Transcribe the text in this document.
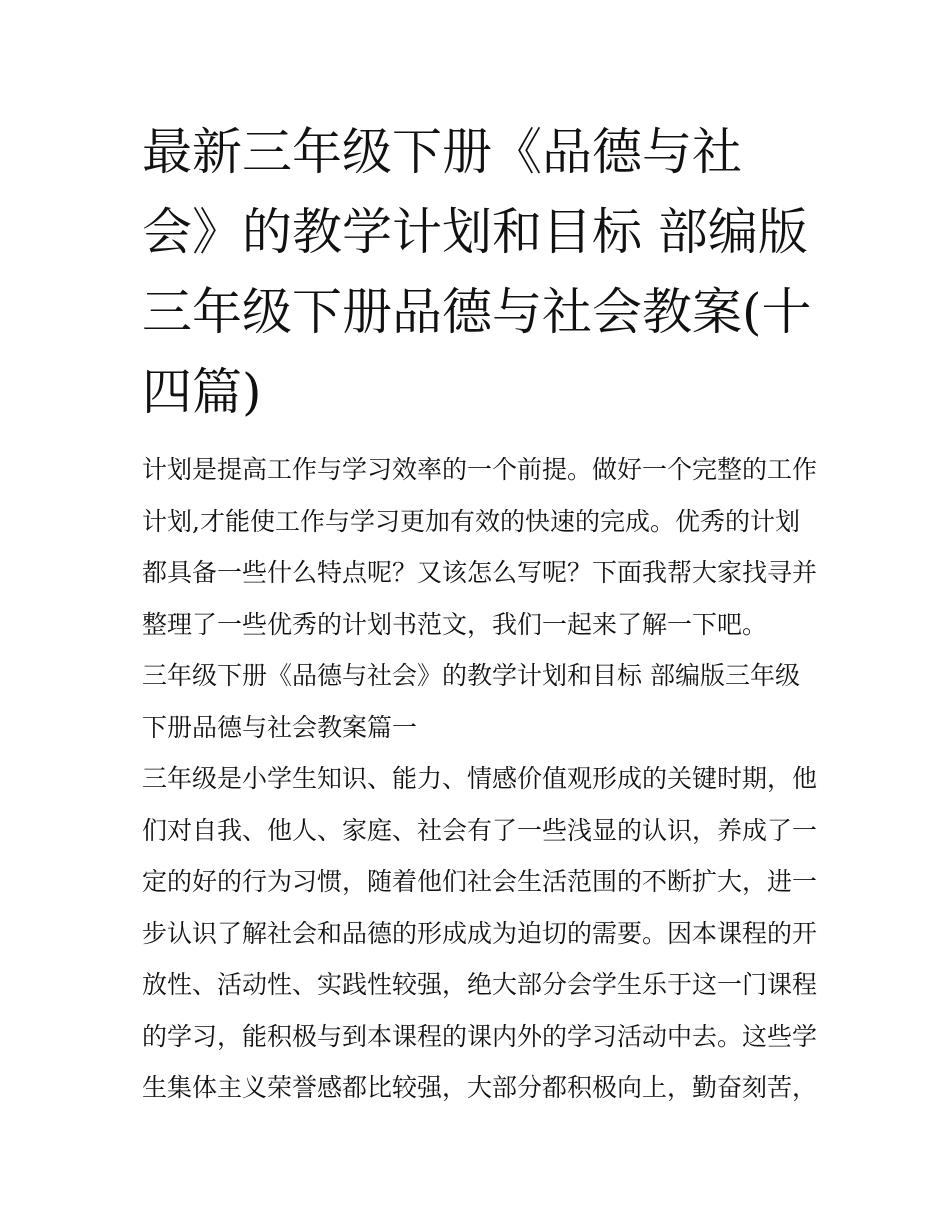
最新三年级下册《品德与社
会》的教学计划和目标 部编版
三年级下册品德与社会教案(十
四篇)
计划是提高工作与学习效率的一个前提。做好一个完整的工作
计划,才能使工作与学习更加有效的快速的完成。优秀的计划
都具备一些什么特点呢？又该怎么写呢？下面我帮大家找寻并
整理了一些优秀的计划书范文，我们一起来了解一下吧。
三年级下册《品德与社会》的教学计划和目标 部编版三年级
下册品德与社会教案篇一
三年级是小学生知识、能力、情感价值观形成的关键时期，他
们对自我、他人、家庭、社会有了一些浅显的认识，养成了一
定的好的行为习惯，随着他们社会生活范围的不断扩大，进一
步认识了解社会和品德的形成成为迫切的需要。因本课程的开
放性、活动性、实践性较强，绝大部分会学生乐于这一门课程
的学习，能积极与到本课程的课内外的学习活动中去。这些学
生集体主义荣誉感都比较强，大部分都积极向上，勤奋刻苦，
